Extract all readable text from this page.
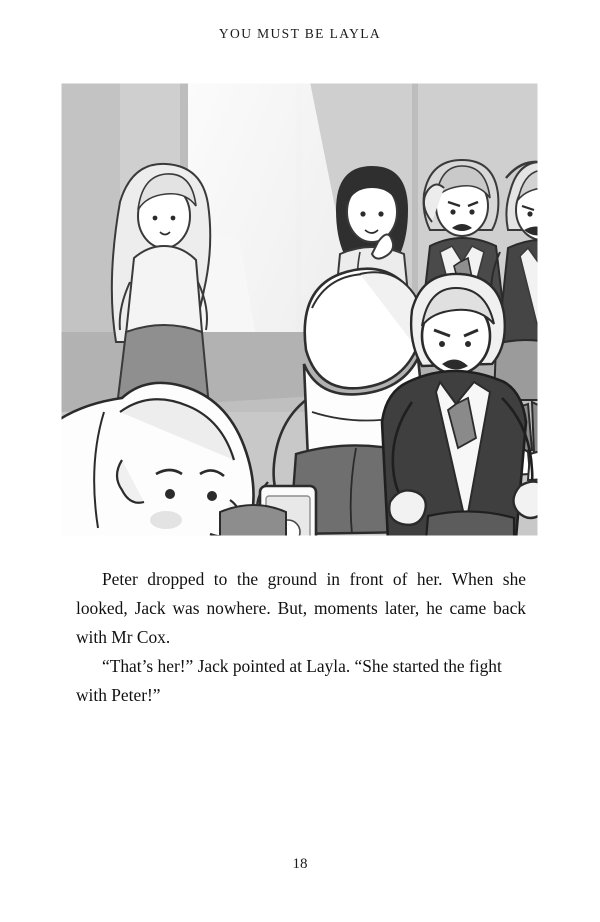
YOU MUST BE LAYLA

Peter dropped to the ground in front of her. When she looked, Jack was nowhere. But, moments later, he came back with Mr Cox.

“That’s her!” Jack pointed at Layla. “She started the fight with Peter!”

18
